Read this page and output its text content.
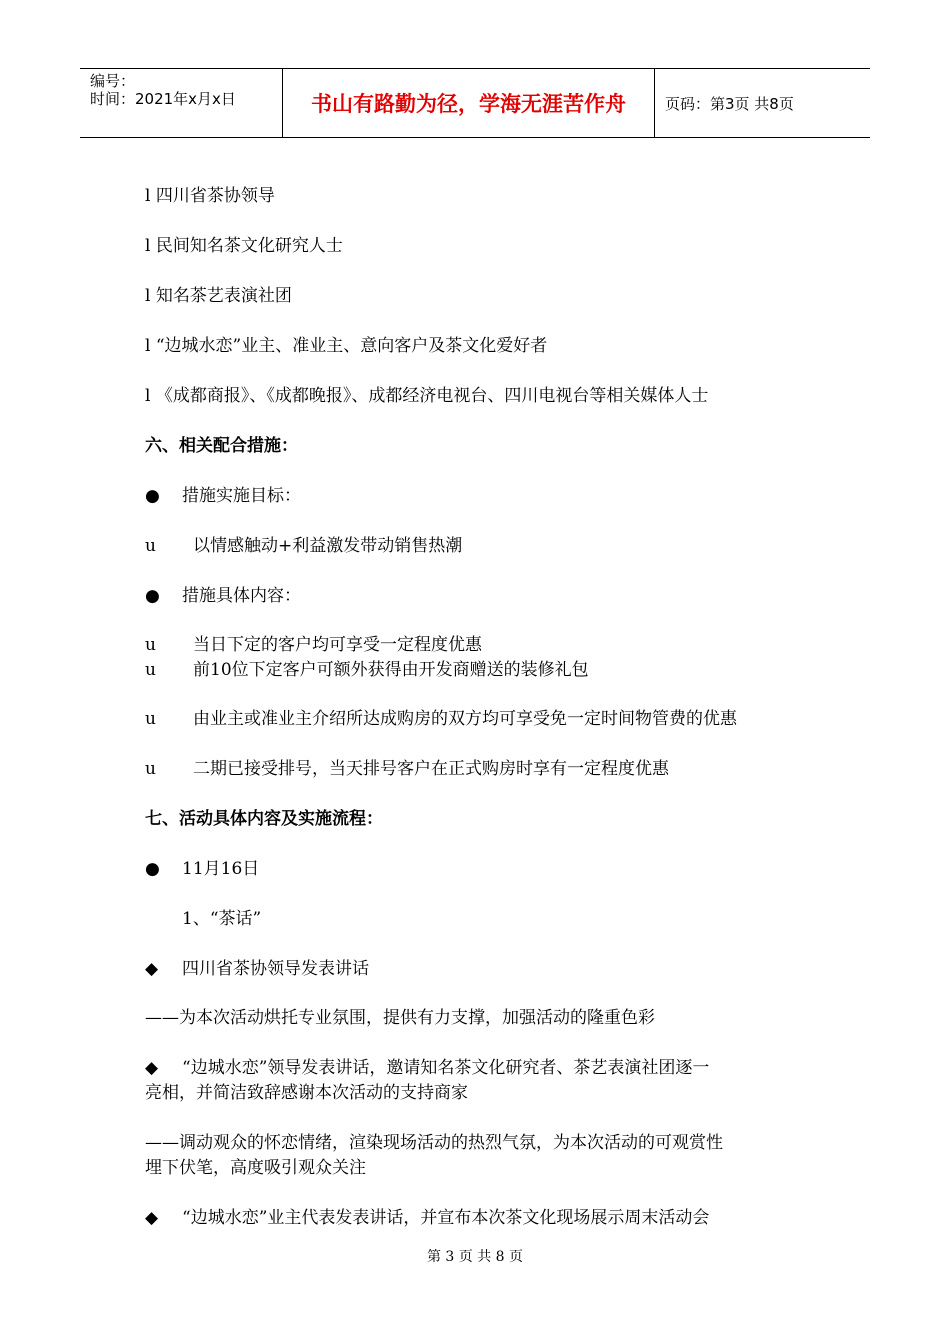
编号：
时间：2021年x月x日	书山有路勤为径，学海无涯苦作舟	页码：第3页 共8页
l 四川省茶协领导
l 民间知名茶文化研究人士
l 知名茶艺表演社团
l “边城水恋”业主、准业主、意向客户及茶文化爱好者
l 《成都商报》、《成都晚报》、成都经济电视台、四川电视台等相关媒体人士
六、相关配合措施：
● 措施实施目标：
u 以情感触动+利益激发带动销售热潮
● 措施具体内容：
u 当日下定的客户均可享受一定程度优惠
u 前10位下定客户可额外获得由开发商赠送的装修礼包
u 由业主或准业主介绍所达成购房的双方均可享受免一定时间物管费的优惠
u 二期已接受排号，当天排号客户在正式购房时享有一定程度优惠
七、活动具体内容及实施流程：
● 11月16日
1、“茶话”
◆ 四川省茶协领导发表讲话
——为本次活动烘托专业氛围，提供有力支撑，加强活动的隆重色彩
◆ “边城水恋”领导发表讲话，邀请知名茶文化研究者、茶艺表演社团逐一
亮相，并简洁致辞感谢本次活动的支持商家
——调动观众的怀恋情绪，渲染现场活动的热烈气氛，为本次活动的可观赏性
埋下伏笔，高度吸引观众关注
◆ “边城水恋”业主代表发表讲话，并宣布本次茶文化现场展示周末活动会
第 3 页 共 8 页
